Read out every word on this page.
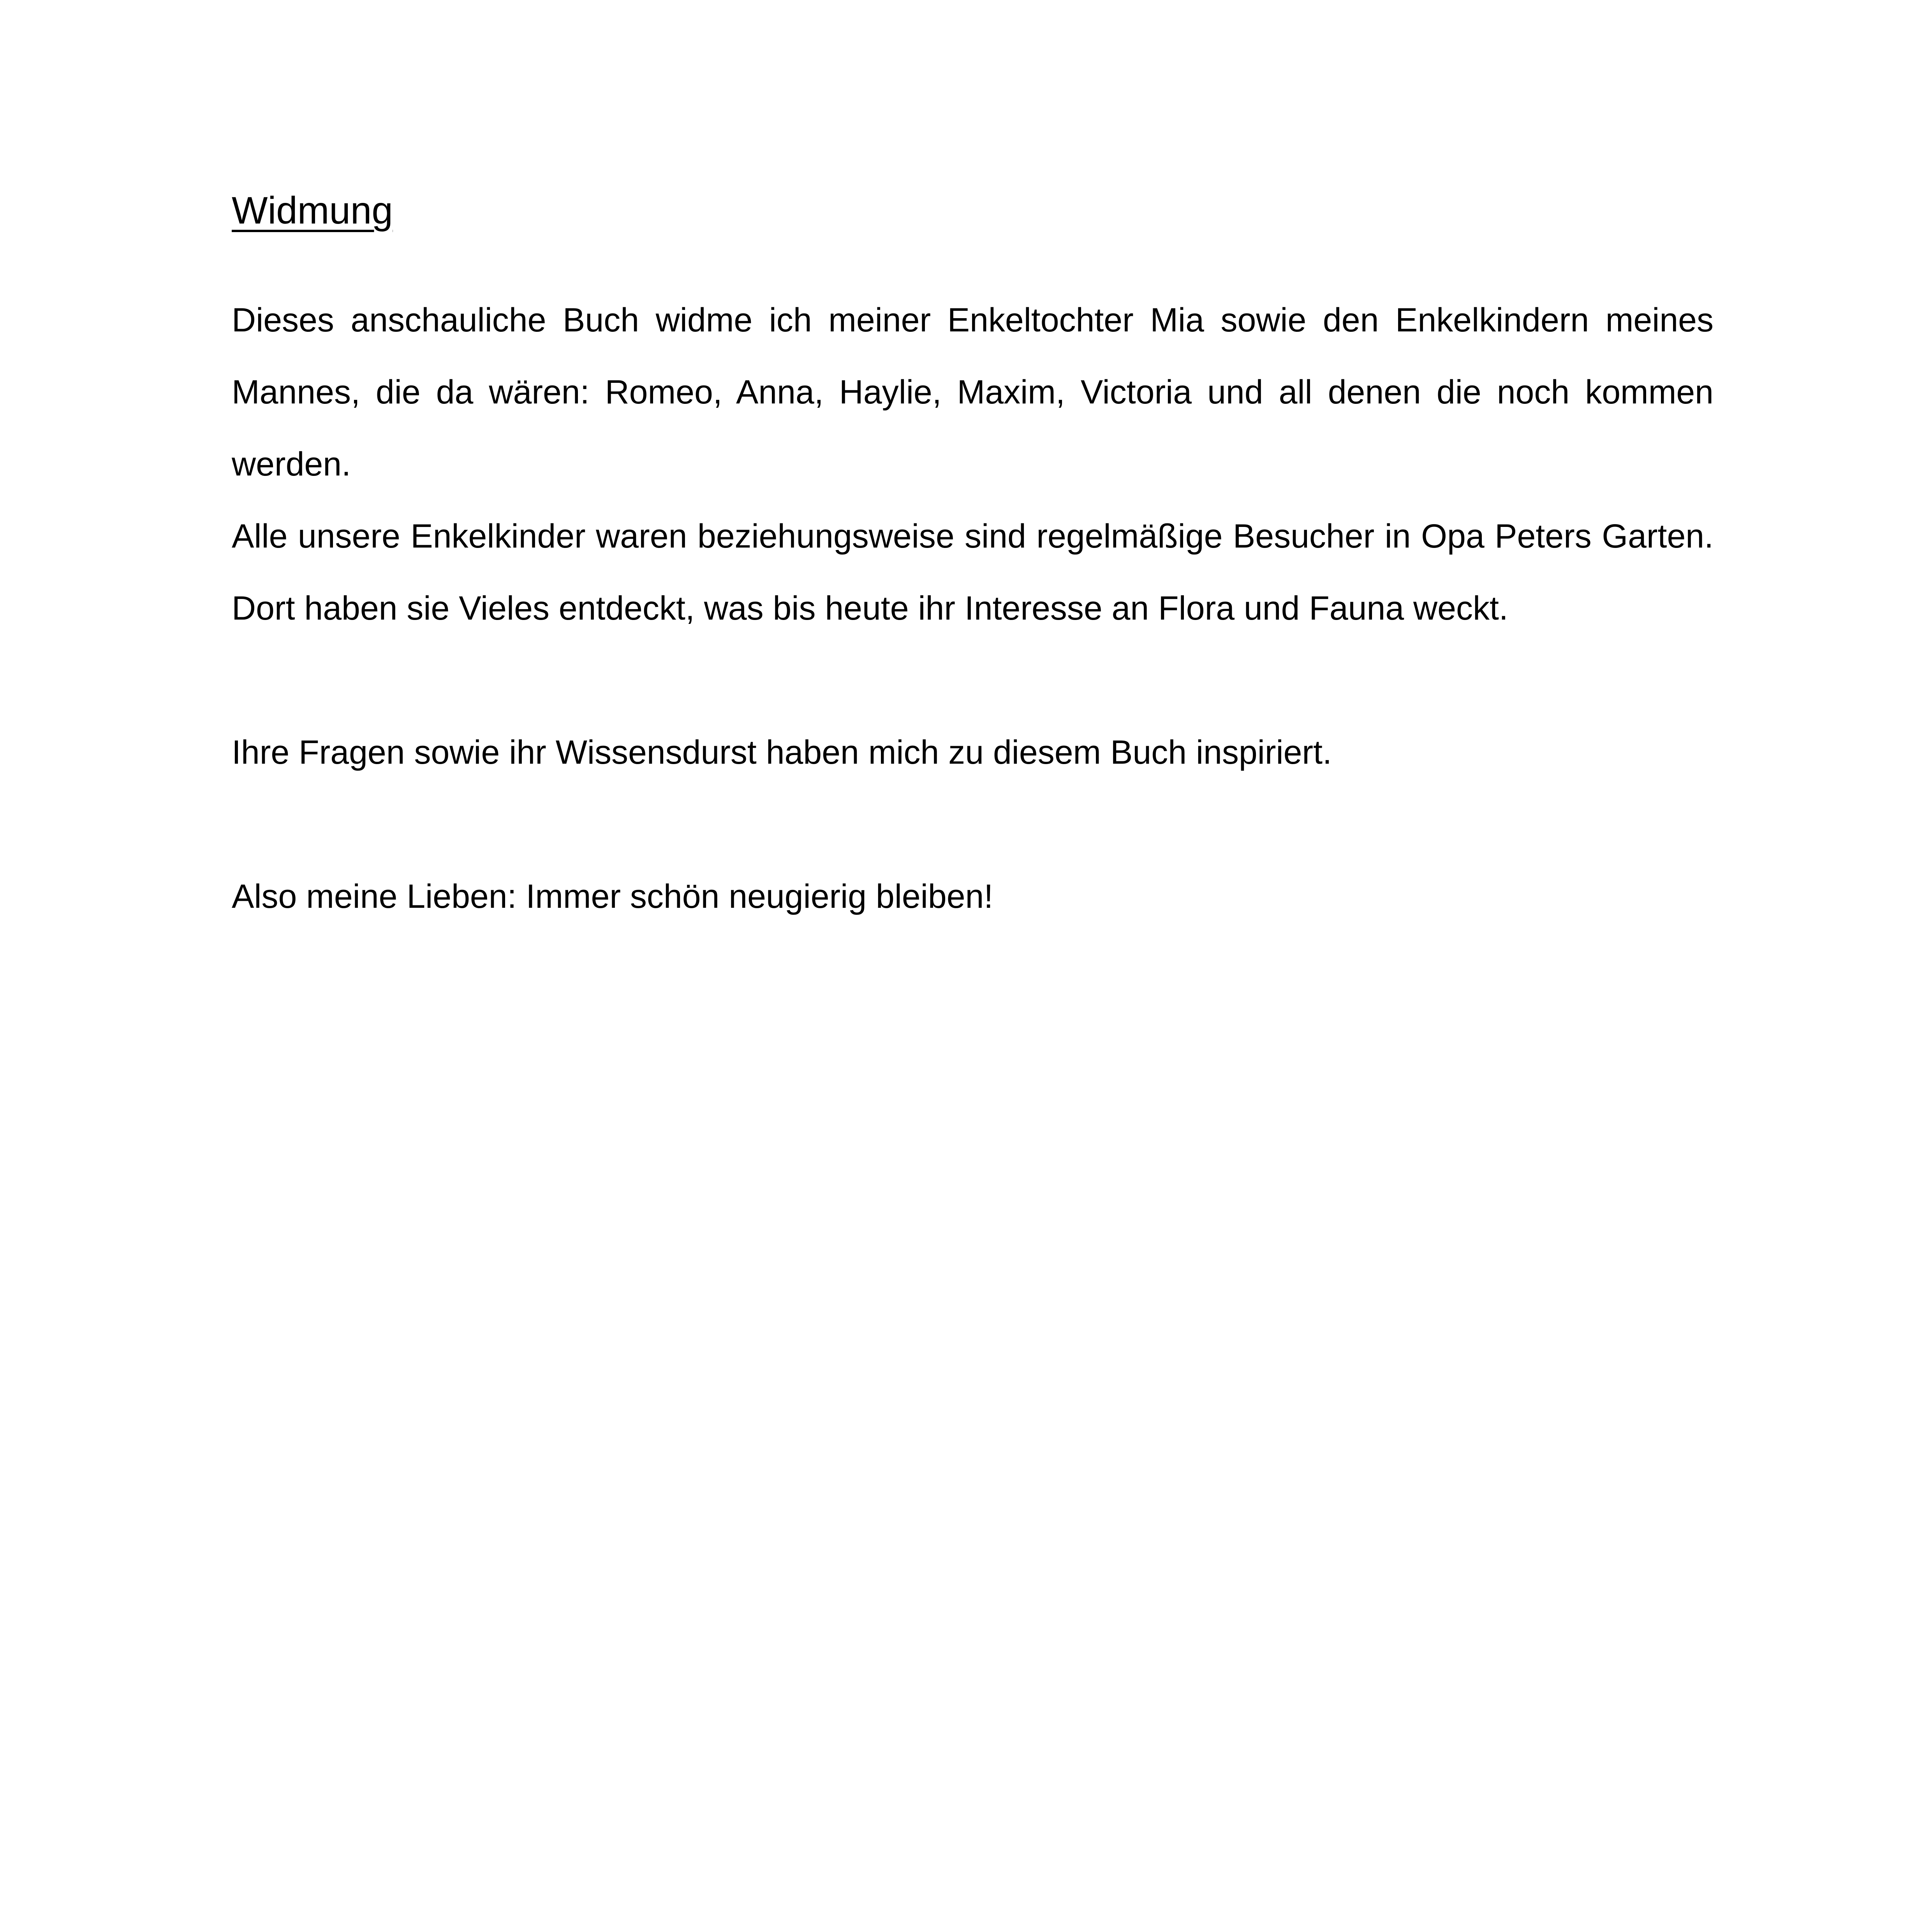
Widmung

Dieses anschauliche Buch widme ich meiner Enkeltochter Mia sowie den Enkelkindern meines Mannes, die da wären: Romeo, Anna, Haylie, Maxim, Victoria und all denen die noch kommen werden.

Alle unsere Enkelkinder waren beziehungsweise sind regelmäßige Besucher in Opa Peters Garten. Dort haben sie Vieles entdeckt, was bis heute ihr Interesse an Flora und Fauna weckt.

Ihre Fragen sowie ihr Wissensdurst haben mich zu diesem Buch inspiriert.

Also meine Lieben: Immer schön neugierig bleiben!
